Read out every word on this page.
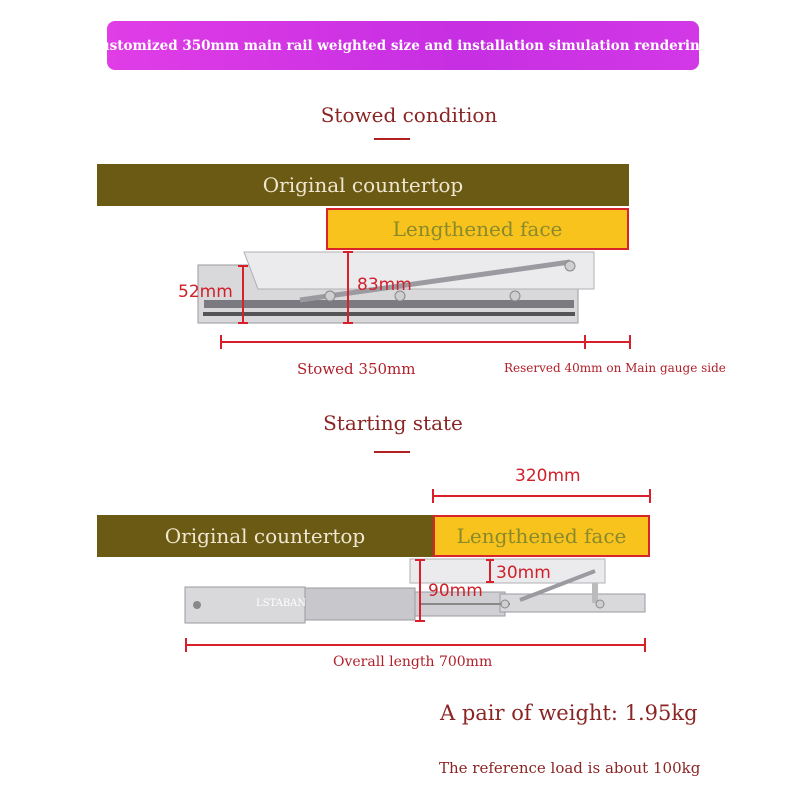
Customized 350mm main rail weighted size and installation simulation renderings
Stowed condition
Original countertop
Lengthened face
52mm	83mm
Stowed 350mm	Reserved 40mm on Main gauge side
Starting state
320mm
Original countertop	Lengthened face
30mm
90mm
LSTABAN
Overall length 700mm
A pair of weight: 1.95kg
The reference load is about 100kg
